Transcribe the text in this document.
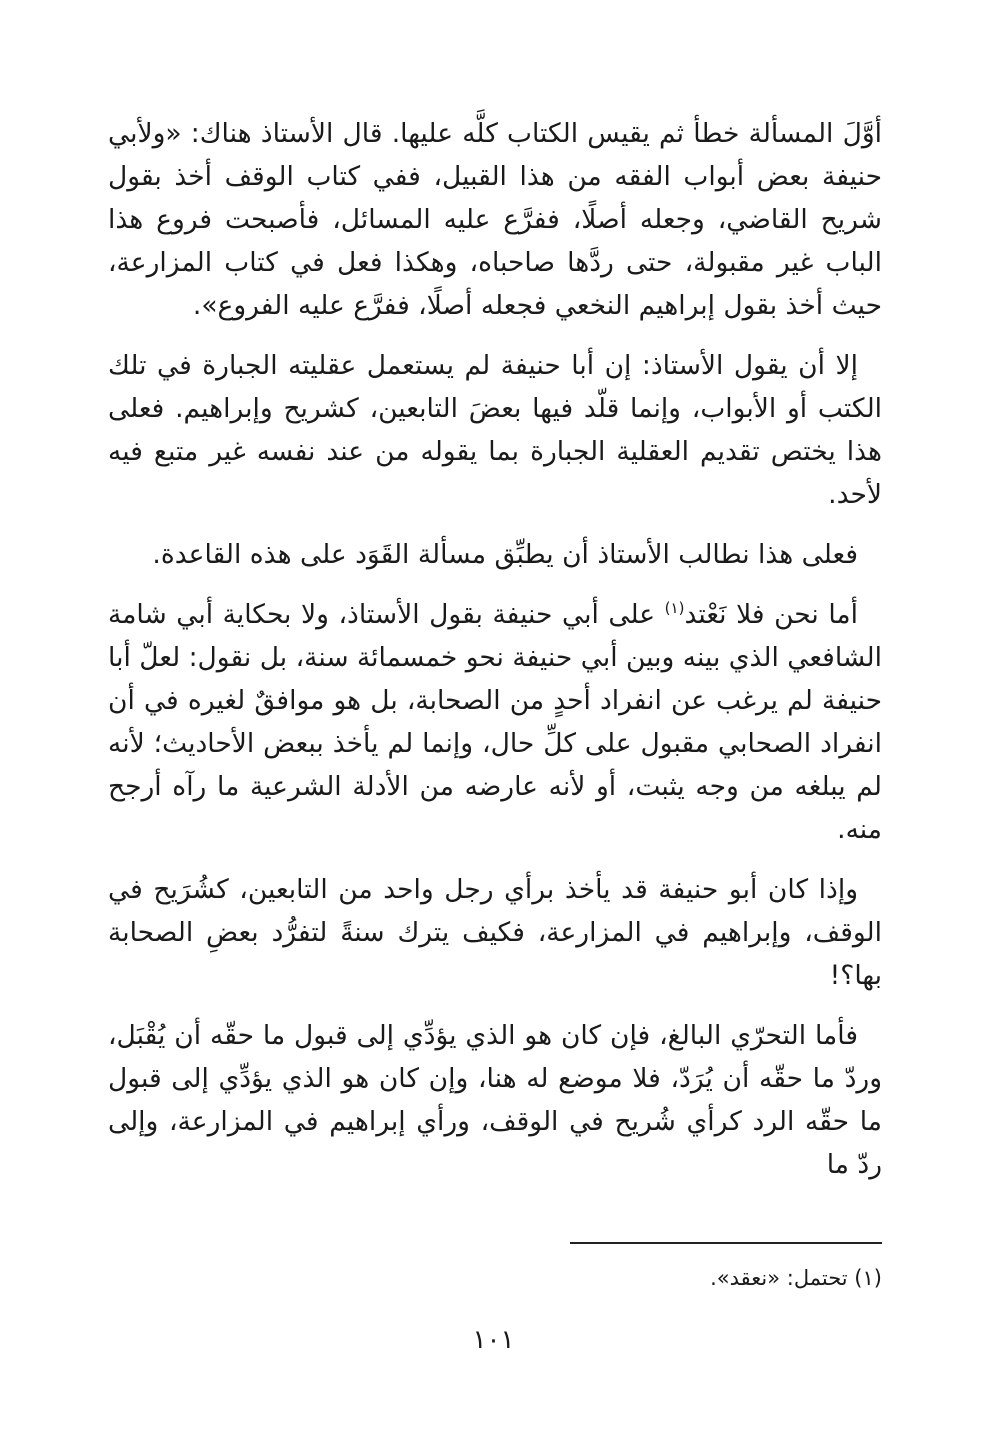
أوَّلَ المسألة خطأ ثم يقيس الكتاب كلَّه عليها. قال الأستاذ هناك: «ولأبي حنيفة بعض أبواب الفقه من هذا القبيل، ففي كتاب الوقف أخذ بقول شريح القاضي، وجعله أصلًا، ففرَّع عليه المسائل، فأصبحت فروع هذا الباب غير مقبولة، حتى ردَّها صاحباه، وهكذا فعل في كتاب المزارعة، حيث أخذ بقول إبراهيم النخعي فجعله أصلًا، ففرَّع عليه الفروع».

إلا أن يقول الأستاذ: إن أبا حنيفة لم يستعمل عقليته الجبارة في تلك الكتب أو الأبواب، وإنما قلّد فيها بعضَ التابعين، كشريح وإبراهيم. فعلى هذا يختص تقديم العقلية الجبارة بما يقوله من عند نفسه غير متبع فيه لأحد.

فعلى هذا نطالب الأستاذ أن يطبِّق مسألة القَوَد على هذه القاعدة.

أما نحن فلا نَعْتد$^{(١)}$ على أبي حنيفة بقول الأستاذ، ولا بحكاية أبي شامة الشافعي الذي بينه وبين أبي حنيفة نحو خمسمائة سنة، بل نقول: لعلّ أبا حنيفة لم يرغب عن انفراد أحدٍ من الصحابة، بل هو موافقٌ لغيره في أن انفراد الصحابي مقبول على كلِّ حال، وإنما لم يأخذ ببعض الأحاديث؛ لأنه لم يبلغه من وجه يثبت، أو لأنه عارضه من الأدلة الشرعية ما رآه أرجح منه.

وإذا كان أبو حنيفة قد يأخذ برأي رجل واحد من التابعين، كشُرَيح في الوقف، وإبراهيم في المزارعة، فكيف يترك سنةً لتفرُّد بعضِ الصحابة بها؟!

فأما التحرّي البالغ، فإن كان هو الذي يؤدِّي إلى قبول ما حقّه أن يُقْبَل، وردّ ما حقّه أن يُرَدّ، فلا موضع له هنا، وإن كان هو الذي يؤدِّي إلى قبول ما حقّه الرد كرأي شُريح في الوقف، ورأي إبراهيم في المزارعة، وإلى ردّ ما

(١) تحتمل: «نعقد».
١٠١
